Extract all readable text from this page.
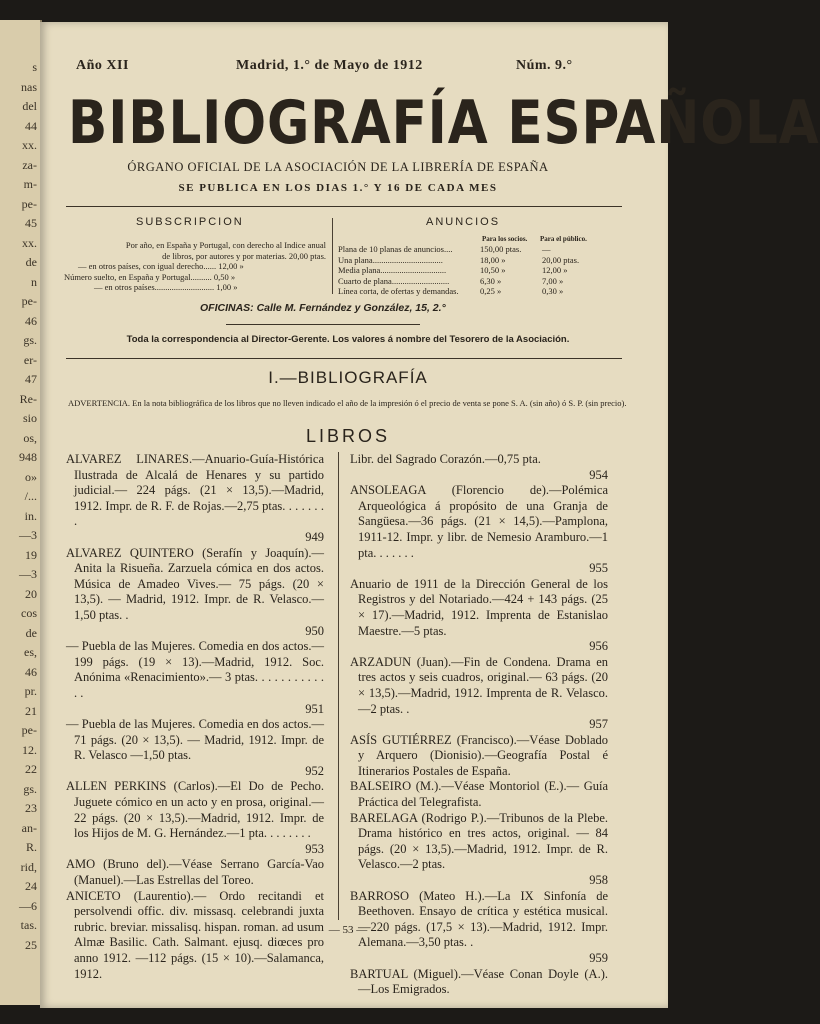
s
nas
del
44
xx.
za-
m-
pe-
45
xx.
de
n
pe-
46
gs.
er-
47
Re-
sio
os,
948
o»
/...
in.
—3
19
—3
20
cos
de
es,
46
pr.
21
pe-
12.
22
gs.
23
an-
R.
rid,
24
—6
tas.
25
Año XII	Madrid, 1.° de Mayo de 1912	Núm. 9.°
BIBLIOGRAFÍA ESPAÑOLA
ÓRGANO OFICIAL DE LA ASOCIACIÓN DE LA LIBRERÍA DE ESPAÑA
SE PUBLICA EN LOS DIAS 1.° Y 16 DE CADA MES
SUBSCRIPCION
Por año, en España y Portugal, con derecho al Indice anual
de libros, por autores y por materias. 20,00 ptas.
— en otros países, con igual derecho...... 12,00 »
Número suelto, en España y Portugal.......... 0,50 »
— en otros países............................ 1,00 »
ANUNCIOS
Para los socios. Para el público.
Plana de 10 planas de anuncios....	150,00 ptas. —
Una plana.................................	18,00 »	20,00 ptas.
Media plana...............................	10,50 »	12,00 »
Cuarto de plana...........................	6,30 »	7,00 »
Línea corta, de ofertas y demandas.	0,25 »	0,30 »
OFICINAS: Calle M. Fernández y González, 15, 2.°
Toda la correspondencia al Director-Gerente. Los valores á nombre del Tesorero de la Asociación.
I.—BIBLIOGRAFÍA
ADVERTENCIA. En la nota bibliográfica de los libros que no lleven indicado el año de la impresión ó el precio de venta se pone S. A. (sin año) ó S. P. (sin precio).
LIBROS

ALVAREZ LINARES.—Anuario-Guía-Histórica Ilustrada de Alcalá de Henares y su partido judicial.— 224 págs. (21 × 13,5).—Madrid, 1912. Impr. de R. F. de Rojas.—2,75 ptas. . . . . . . .
949

ALVAREZ QUINTERO (Serafín y Joaquín).— Anita la Risueña. Zarzuela cómica en dos actos. Música de Amadeo Vives.— 75 págs. (20 × 13,5). — Madrid, 1912. Impr. de R. Velasco.—1,50 ptas. .
950

— Puebla de las Mujeres. Comedia en dos actos.—199 págs. (19 × 13).—Madrid, 1912. Soc. Anónima «Renacimiento».— 3 ptas. . . . . . . . . . . . .
951

— Puebla de las Mujeres. Comedia en dos actos.—71 págs. (20 × 13,5). — Madrid, 1912. Impr. de R. Velasco —1,50 ptas.
952

ALLEN PERKINS (Carlos).—El Do de Pecho. Juguete cómico en un acto y en prosa, original.—22 págs. (20 × 13,5).—Madrid, 1912. Impr. de los Hijos de M. G. Hernández.—1 pta. . . . . . . .
953

AMO (Bruno del).—Véase Serrano García-Vao (Manuel).—Las Estrellas del Toreo.

ANICETO (Laurentio).— Ordo recitandi et persolvendi offic. div. missasq. celebrandi juxta rubric. breviar. missalisq. hispan. roman. ad usum Almæ Basilic. Cath. Salmant. ejusq. diœces pro anno 1912. —112 págs. (15 × 10).—Salamanca, 1912.

Libr. del Sagrado Corazón.—0,75 pta.
954

ANSOLEAGA (Florencio de).—Polémica Arqueológica á propósito de una Granja de Sangüesa.—36 págs. (21 × 14,5).—Pamplona, 1911-12. Impr. y libr. de Nemesio Aramburo.—1 pta. . . . . . .
955

Anuario de 1911 de la Dirección General de los Registros y del Notariado.—424 + 143 págs. (25 × 17).—Madrid, 1912. Imprenta de Estanislao Maestre.—5 ptas.
956

ARZADUN (Juan).—Fin de Condena. Drama en tres actos y seis cuadros, original.— 63 págs. (20 × 13,5).—Madrid, 1912. Imprenta de R. Velasco.—2 ptas. .
957

ASÍS GUTIÉRREZ (Francisco).—Véase Doblado y Arquero (Dionisio).—Geografía Postal é Itinerarios Postales de España.

BALSEIRO (M.).—Véase Montoriol (E.).— Guía Práctica del Telegrafista.

BARELAGA (Rodrigo P.).—Tribunos de la Plebe. Drama histórico en tres actos, original. — 84 págs. (20 × 13,5).—Madrid, 1912. Impr. de R. Velasco.—2 ptas.
958

BARROSO (Mateo H.).—La IX Sinfonía de Beethoven. Ensayo de crítica y estética musical.—220 págs. (17,5 × 13).—Madrid, 1912. Impr. Alemana.—3,50 ptas. .
959

BARTUAL (Miguel).—Véase Conan Doyle (A.).—Los Emigrados.

— 53 —
